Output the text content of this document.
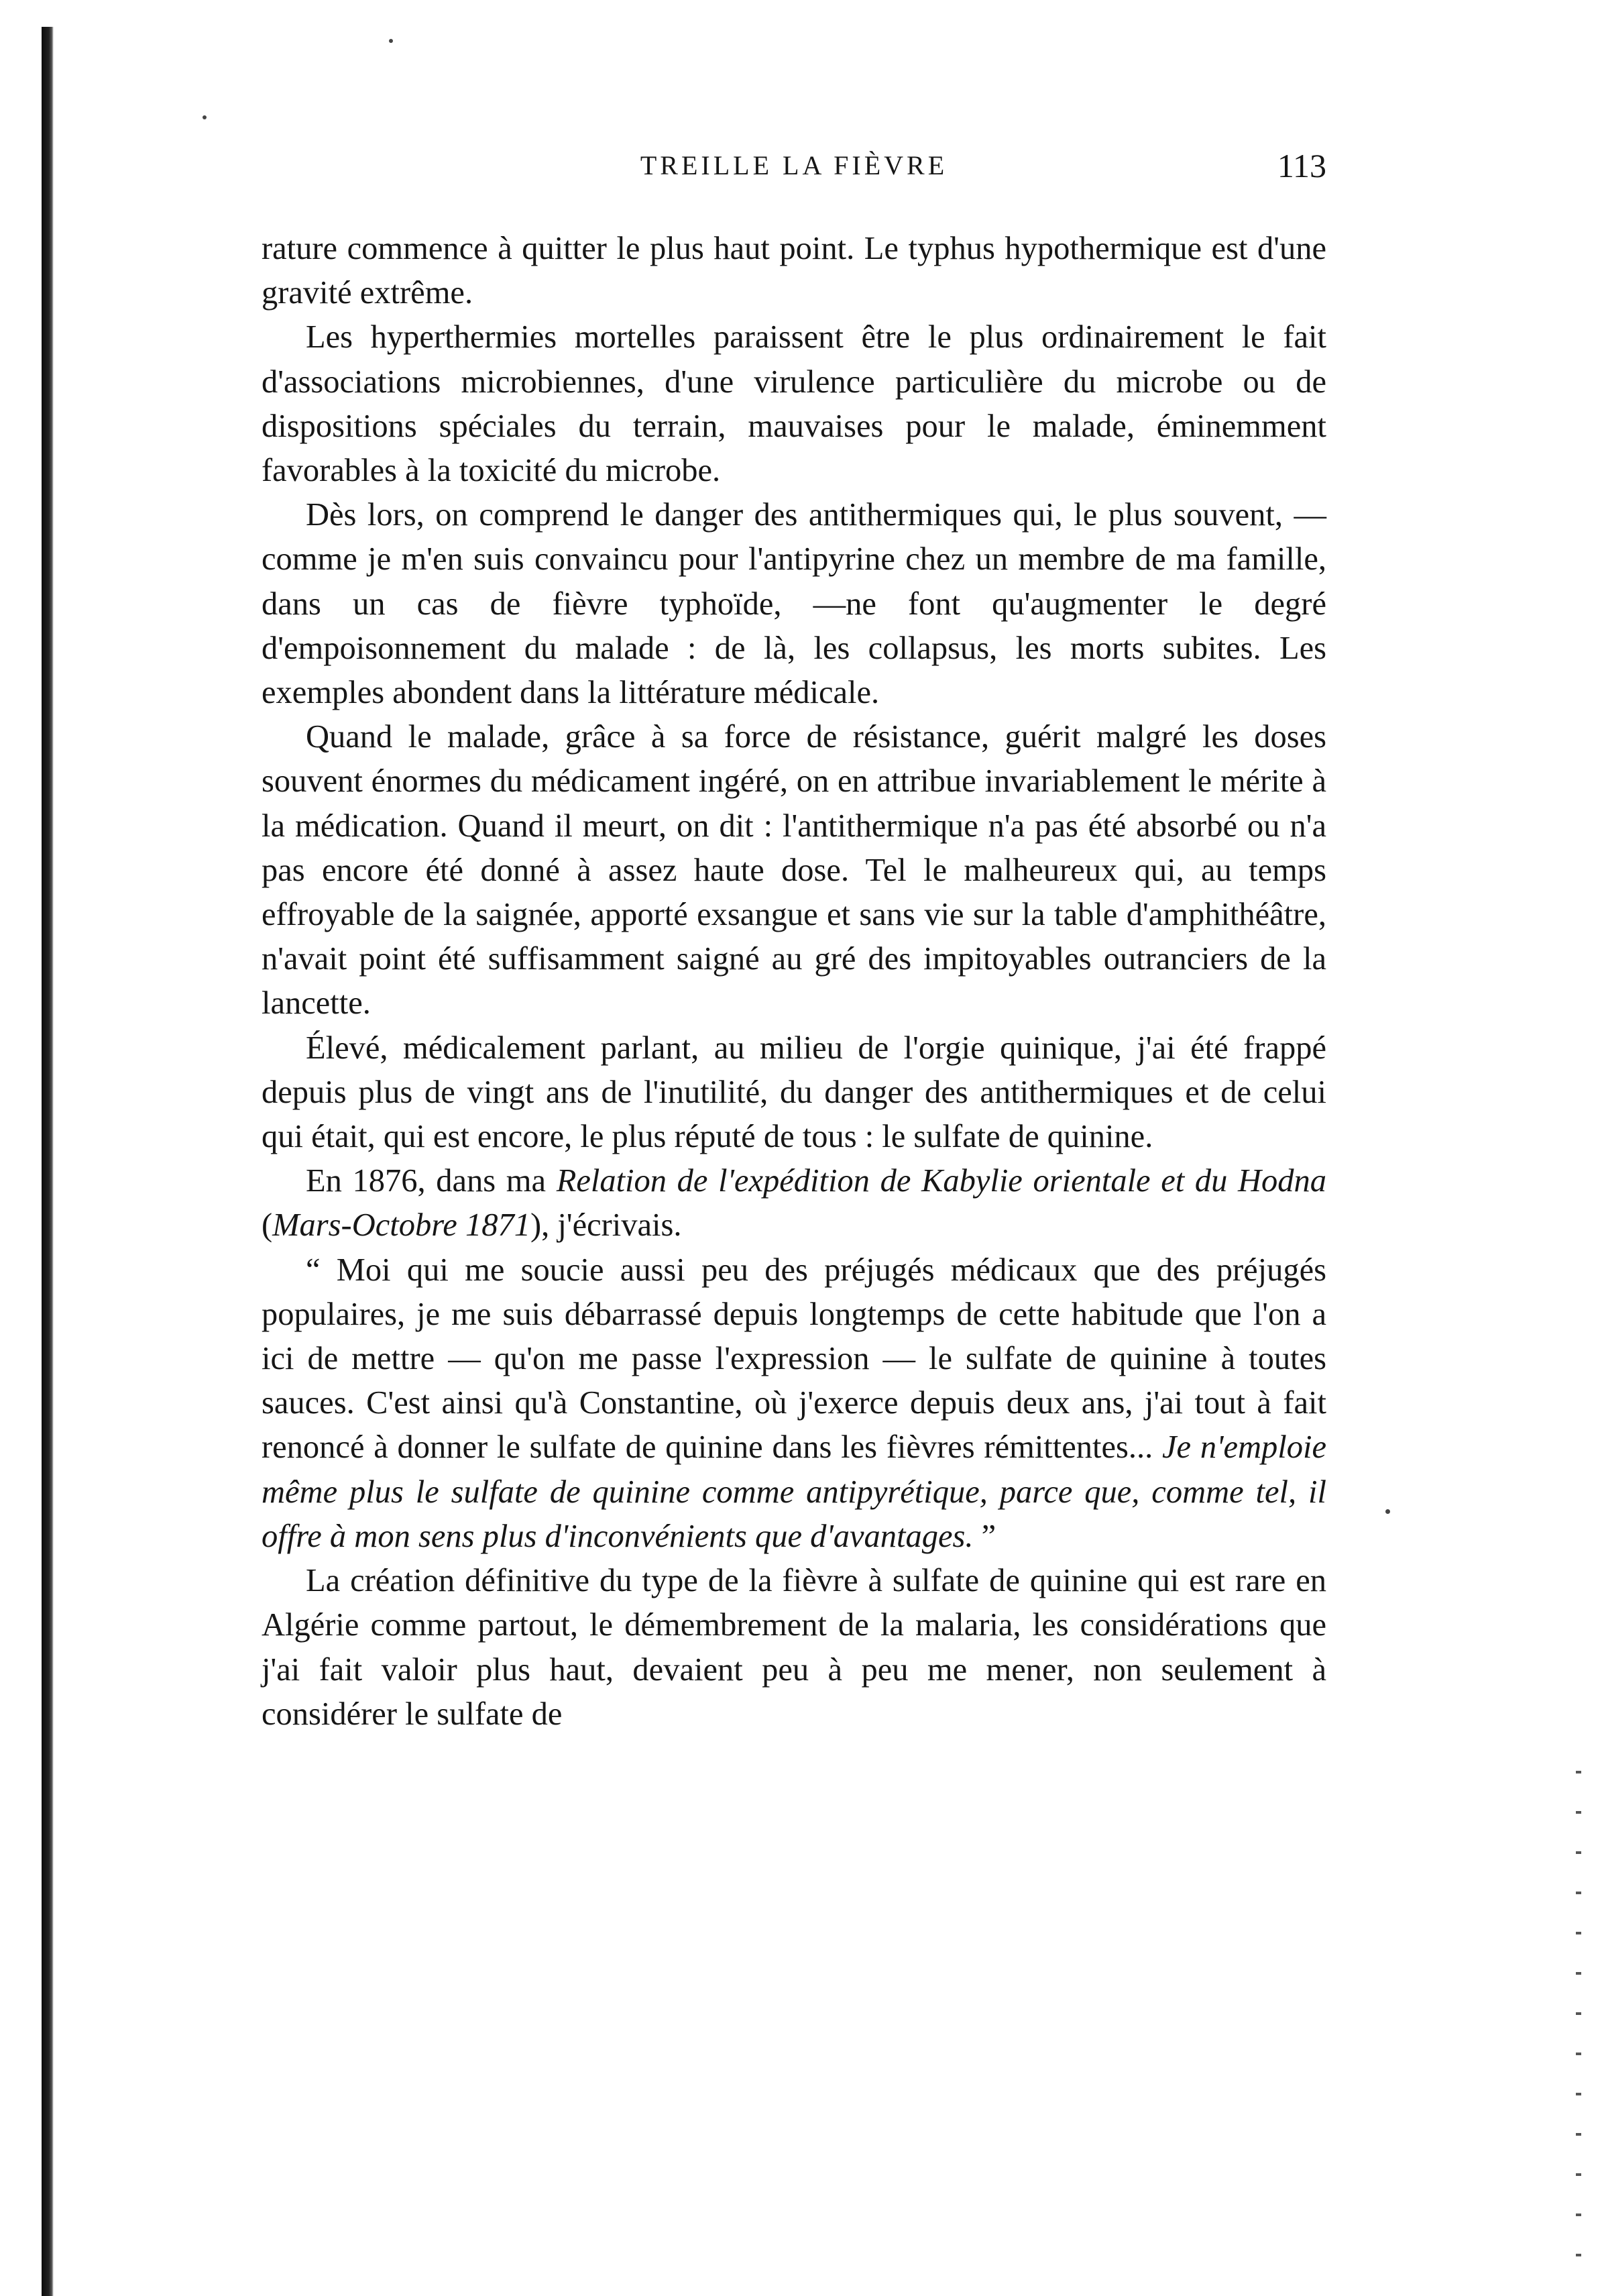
TREILLE LA FIÈVRE	113

rature commence à quitter le plus haut point. Le typhus hypothermique est d'une gravité extrême.

Les hyperthermies mortelles paraissent être le plus ordinairement le fait d'associations microbiennes, d'une virulence particulière du microbe ou de dispositions spéciales du terrain, mauvaises pour le malade, éminemment favorables à la toxicité du microbe.

Dès lors, on comprend le danger des antithermiques qui, le plus souvent, — comme je m'en suis convaincu pour l'antipyrine chez un membre de ma famille, dans un cas de fièvre typhoïde, —ne font qu'augmenter le degré d'empoisonnement du malade : de là, les collapsus, les morts subites. Les exemples abondent dans la littérature médicale.

Quand le malade, grâce à sa force de résistance, guérit malgré les doses souvent énormes du médicament ingéré, on en attribue invariablement le mérite à la médication. Quand il meurt, on dit : l'antithermique n'a pas été absorbé ou n'a pas encore été donné à assez haute dose. Tel le malheureux qui, au temps effroyable de la saignée, apporté exsangue et sans vie sur la table d'amphithéâtre, n'avait point été suffisamment saigné au gré des impitoyables outranciers de la lancette.

Élevé, médicalement parlant, au milieu de l'orgie quinique, j'ai été frappé depuis plus de vingt ans de l'inutilité, du danger des antithermiques et de celui qui était, qui est encore, le plus réputé de tous : le sulfate de quinine.

En 1876, dans ma Relation de l'expédition de Kabylie orientale et du Hodna (Mars-Octobre 1871), j'écrivais.

“ Moi qui me soucie aussi peu des préjugés médicaux que des préjugés populaires, je me suis débarrassé depuis longtemps de cette habitude que l'on a ici de mettre — qu'on me passe l'expression — le sulfate de quinine à toutes sauces. C'est ainsi qu'à Constantine, où j'exerce depuis deux ans, j'ai tout à fait renoncé à donner le sulfate de quinine dans les fièvres rémittentes... Je n'emploie même plus le sulfate de quinine comme antipyrétique, parce que, comme tel, il offre à mon sens plus d'inconvénients que d'avantages. ”

La création définitive du type de la fièvre à sulfate de quinine qui est rare en Algérie comme partout, le démembrement de la malaria, les considérations que j'ai fait valoir plus haut, devaient peu à peu me mener, non seulement à considérer le sulfate de
